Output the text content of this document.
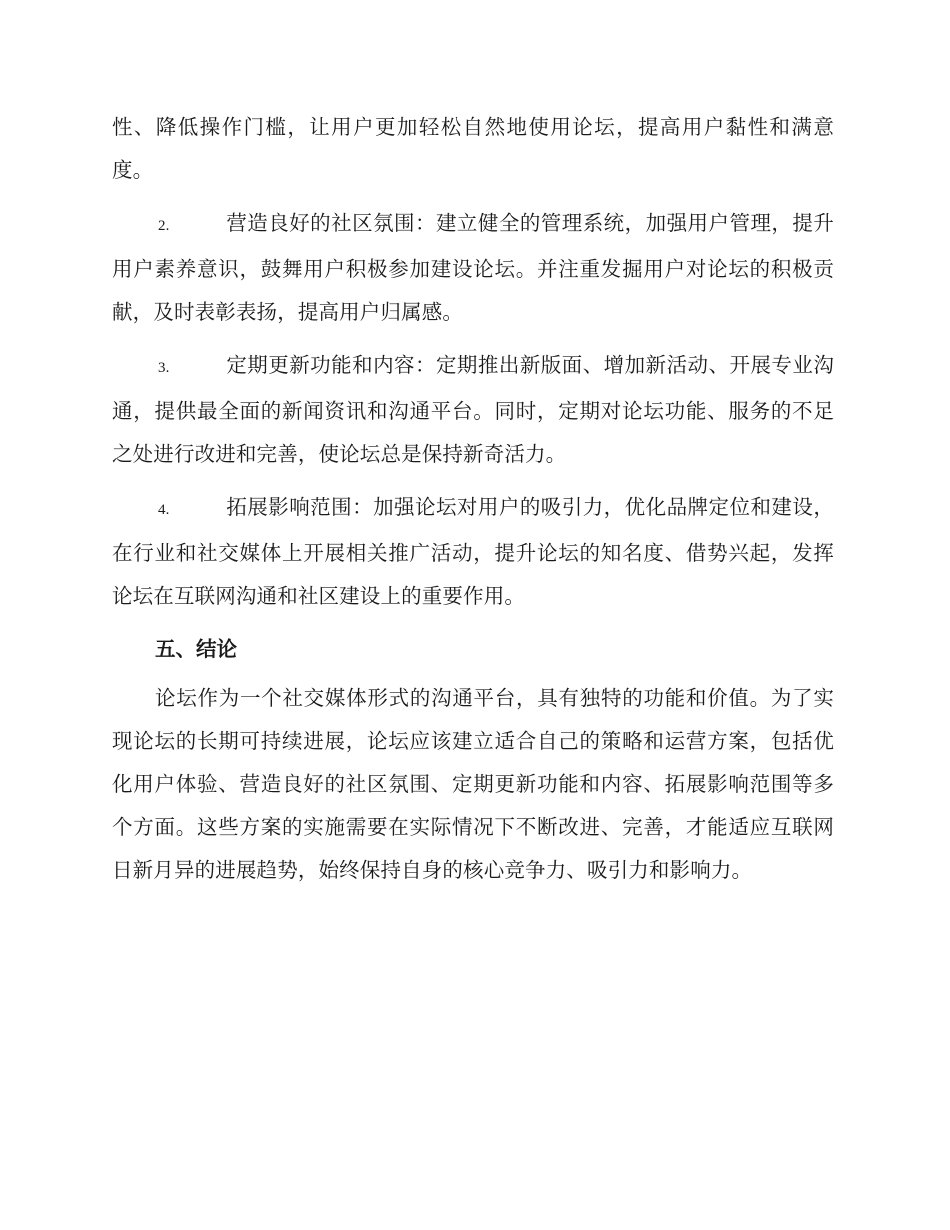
性、降低操作门槛，让用户更加轻松自然地使用论坛，提高用户黏性和满意度。

2.	营造良好的社区氛围：建立健全的管理系统，加强用户管理，提升用户素养意识，鼓舞用户积极参加建设论坛。并注重发掘用户对论坛的积极贡献，及时表彰表扬，提高用户归属感。

3.	定期更新功能和内容：定期推出新版面、增加新活动、开展专业沟通，提供最全面的新闻资讯和沟通平台。同时，定期对论坛功能、服务的不足之处进行改进和完善，使论坛总是保持新奇活力。

4.	拓展影响范围：加强论坛对用户的吸引力，优化品牌定位和建设，在行业和社交媒体上开展相关推广活动，提升论坛的知名度、借势兴起，发挥论坛在互联网沟通和社区建设上的重要作用。

五、结论

论坛作为一个社交媒体形式的沟通平台，具有独特的功能和价值。为了实现论坛的长期可持续进展，论坛应该建立适合自己的策略和运营方案，包括优化用户体验、营造良好的社区氛围、定期更新功能和内容、拓展影响范围等多个方面。这些方案的实施需要在实际情况下不断改进、完善，才能适应互联网日新月异的进展趋势，始终保持自身的核心竞争力、吸引力和影响力。
